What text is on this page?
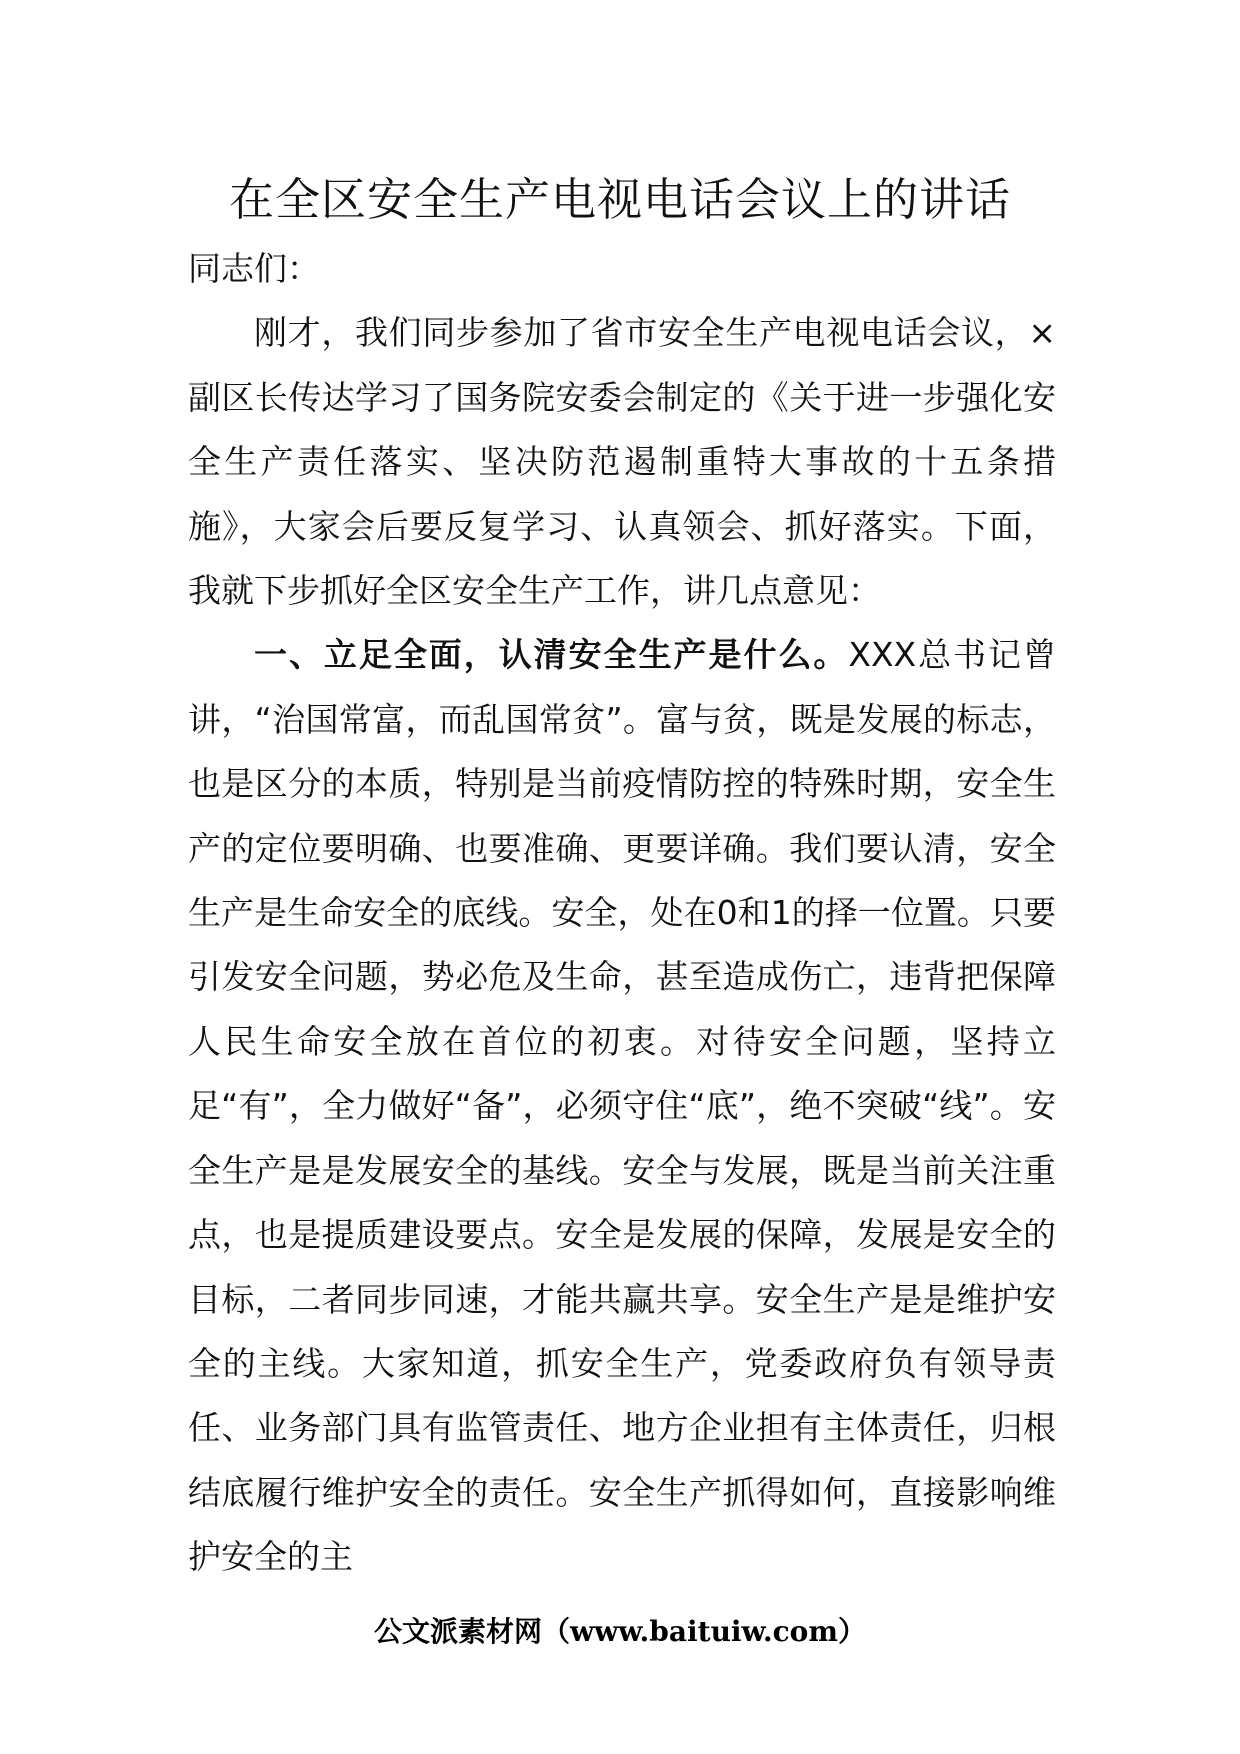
在全区安全生产电视电话会议上的讲话

同志们：

刚才，我们同步参加了省市安全生产电视电话会议，×副区长传达学习了国务院安委会制定的《关于进一步强化安全生产责任落实、坚决防范遏制重特大事故的十五条措施》，大家会后要反复学习、认真领会、抓好落实。下面，我就下步抓好全区安全生产工作，讲几点意见：

一、立足全面，认清安全生产是什么。XXX总书记曾讲，“治国常富，而乱国常贫”。富与贫，既是发展的标志，也是区分的本质，特别是当前疫情防控的特殊时期，安全生产的定位要明确、也要准确、更要详确。我们要认清，安全生产是生命安全的底线。安全，处在0和1的择一位置。只要引发安全问题，势必危及生命，甚至造成伤亡，违背把保障人民生命安全放在首位的初衷。对待安全问题，坚持立足“有”，全力做好“备”，必须守住“底”，绝不突破“线”。安全生产是是发展安全的基线。安全与发展，既是当前关注重点，也是提质建设要点。安全是发展的保障，发展是安全的目标，二者同步同速，才能共赢共享。安全生产是是维护安全的主线。大家知道，抓安全生产，党委政府负有领导责任、业务部门具有监管责任、地方企业担有主体责任，归根结底履行维护安全的责任。安全生产抓得如何，直接影响维护安全的主

公文派素材网（www.baituiw.com）
